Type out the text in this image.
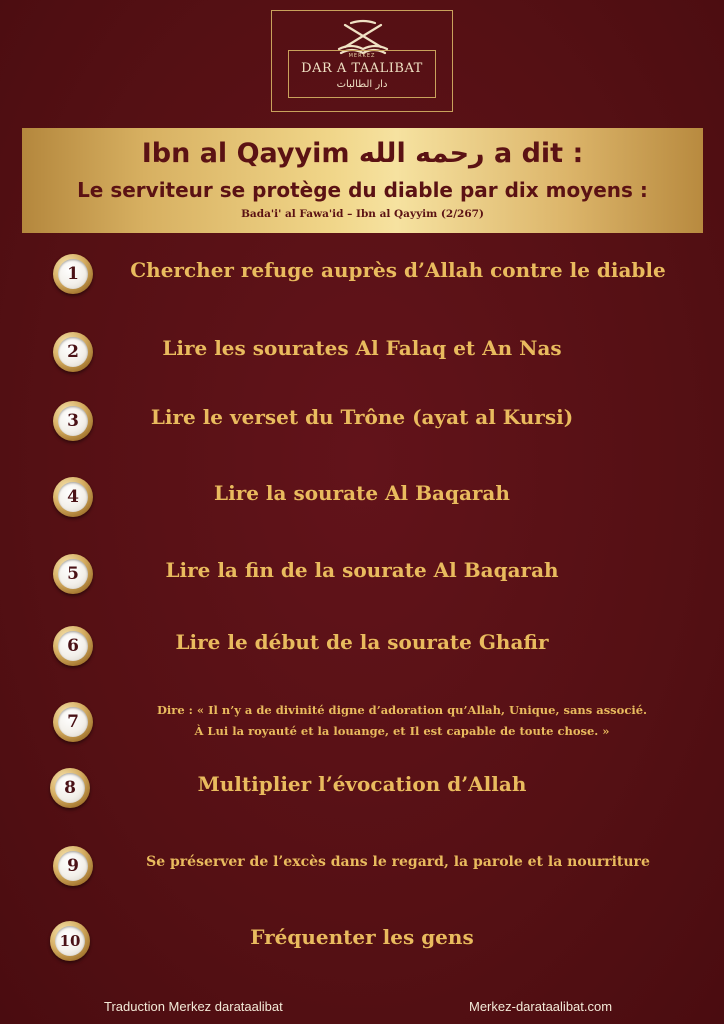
MERKEZ
DAR A TAALIBAT
دار الطالبات
Ibn al Qayyim رحمه الله a dit :
Le serviteur se protège du diable par dix moyens :
Bada'i' al Fawa'id – Ibn al Qayyim (2/267)
1	Chercher refuge auprès d’Allah contre le diable
2	Lire les sourates Al Falaq et An Nas
3	Lire le verset du Trône (ayat al Kursi)
4	Lire la sourate Al Baqarah
5	Lire la fin de la sourate Al Baqarah
6	Lire le début de la sourate Ghafir
7
Dire : « Il n’y a de divinité digne d’adoration qu’Allah, Unique, sans associé.
À Lui la royauté et la louange, et Il est capable de toute chose. »
8	Multiplier l’évocation d’Allah
9	Se préserver de l’excès dans le regard, la parole et la nourriture
10	Fréquenter les gens
Traduction Merkez darataalibat	Merkez-darataalibat.com
